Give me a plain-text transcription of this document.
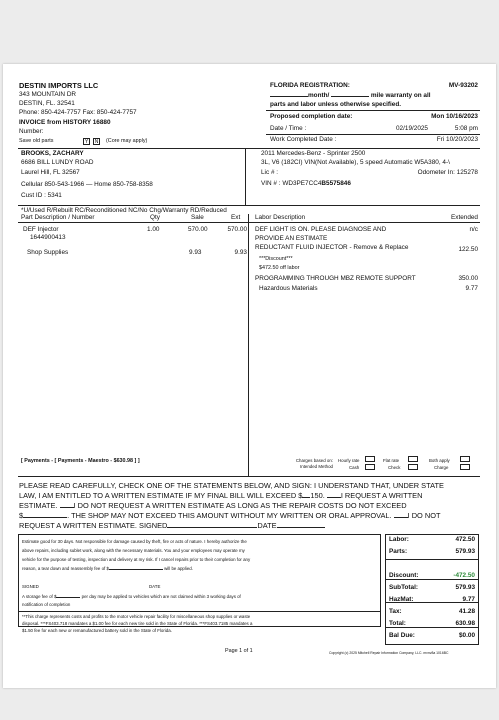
DESTIN IMPORTS LLC
343 MOUNTAIN DR
DESTIN, FL. 32541
Phone: 850-424-7757 Fax: 850-424-7757
INVOICE from HISTORY 16880
Number:
Save old parts	Y	N	(Core may apply)
FLORIDA REGISTRATION:	MV-93202
month/	mile warranty on all
parts and labor unless otherwise specified.
Proposed completion date:	Mon 10/16/2023
Date / Time :	02/19/2025	5:08 pm
Work Completed Date :	Fri 10/20/2023
BROOKS, ZACHARY
6686 BILL LUNDY ROAD
Laurel Hill, FL 32567
Cellular 850-543-1966 — Home 850-758-8358
Cust ID : 5341
2011 Mercedes-Benz - Sprinter 2500
3L, V6 (182CI) VIN(Not Available), 5 speed Automatic W5A380, 4-\
Lic # :	Odometer In: 125278
VIN # : WD3PE7CC4B5575846
*U/Used R/Rebuilt RC/Reconditioned NC/No Chg/Warranty RD/Reduced
Part Description / Number	Qty	Sale	Ext Labor Description	Extended
DEF Injector
1644900413
1.00	570.00	570.00
Shop Supplies	9.93	9.93
DEF LIGHT IS ON. PLEASE DIAGNOSE AND	n/c
PROVIDE AN ESTIMATE
REDUCTANT FLUID INJECTOR - Remove & Replace	122.50
***Discount***
$472.50 off labor
PROGRAMMING THROUGH MBZ REMOTE SUPPORT	350.00
Hazardous Materials	9.77
[ Payments - [ Payments - Maestro - $630.98 ] ]	Charges based on:
Intended Method
Hourly rate
Cash
Flat rate
Check
Both apply
Charge
PLEASE READ CAREFULLY, CHECK ONE OF THE STATEMENTS BELOW, AND SIGN: I UNDERSTAND THAT, UNDER STATE
LAW, I AM ENTITLED TO A WRITTEN ESTIMATE IF MY FINAL BILL WILL EXCEED $ 150. I REQUEST A WRITTEN
ESTIMATE. I DO NOT REQUEST A WRITTEN ESTIMATE AS LONG AS THE REPAIR COSTS DO NOT EXCEED
$	. THE SHOP MAY NOT EXCEED THIS AMOUNT WITHOUT MY WRITTEN OR ORAL APPROVAL. I DO NOT
REQUEST A WRITTEN ESTIMATE. SIGNED	DATE
Estimate good for 30 days. Not responsible for damage caused by theft, fire or acts of nature. I hereby authorize the
above repairs, including sublet work, along with the necessary materials. You and your employees may operate my
vehicle for the purpose of testing, inspection and delivery at my risk. If I cancel repairs prior to their completion for any
reason, a tear down and reassembly fee of $	will be applied.
SIGNED	DATE
A storage fee of $	per day may be applied to vehicles which are not claimed within 3 working days of
notification of completion
**This charge represents costs and profits to the motor vehicle repair facility for miscellaneous shop supplies or waste
disposal. ***FS403.718 mandates a $1.00 fee for each new tire sold in the State of Florida. ***FS403.7185 mandates a
$1.50 fee for each new or remanufactured battery sold in the State of Florida.
Labor:	472.50
Parts:	579.93
Discount:	-472.50
SubTotal:	579.93
HazMat:	9.77
Tax:	41.28
Total:	630.98
Bal Due:	$0.00
Page 1 of 1	Copyright (c) 2025 Mitchell Repair Information Company, LLC. mvnv8a 1016BC
